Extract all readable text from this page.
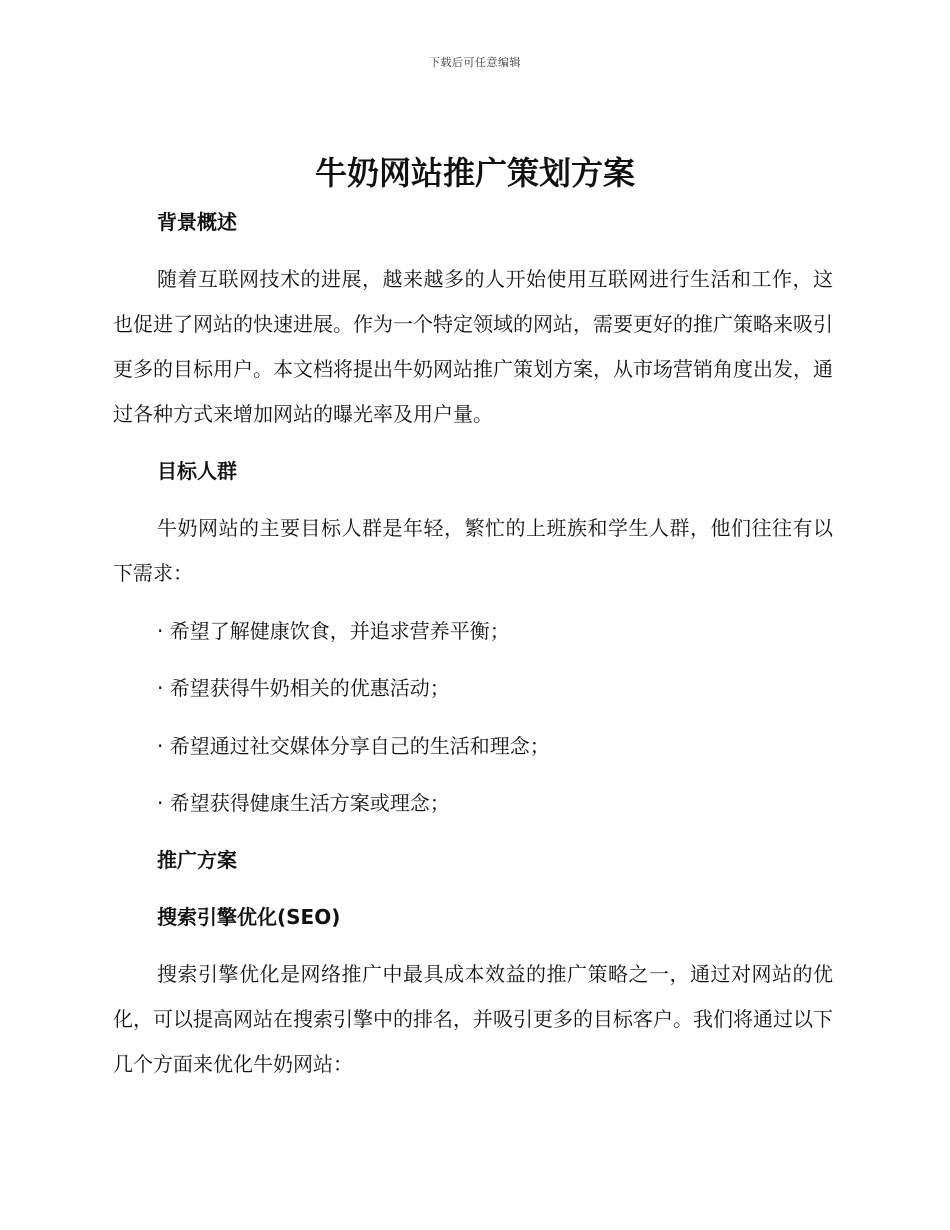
下载后可任意编辑
牛奶网站推广策划方案
背景概述

随着互联网技术的进展，越来越多的人开始使用互联网进行生活和工作，这也促进了网站的快速进展。作为一个特定领域的网站，需要更好的推广策略来吸引更多的目标用户。本文档将提出牛奶网站推广策划方案，从市场营销角度出发，通过各种方式来增加网站的曝光率及用户量。

目标人群

牛奶网站的主要目标人群是年轻，繁忙的上班族和学生人群，他们往往有以下需求：

· 希望了解健康饮食，并追求营养平衡；
· 希望获得牛奶相关的优惠活动；
· 希望通过社交媒体分享自己的生活和理念；
· 希望获得健康生活方案或理念；
推广方案
搜索引擎优化(SEO)

搜索引擎优化是网络推广中最具成本效益的推广策略之一，通过对网站的优化，可以提高网站在搜索引擎中的排名，并吸引更多的目标客户。我们将通过以下几个方面来优化牛奶网站：
